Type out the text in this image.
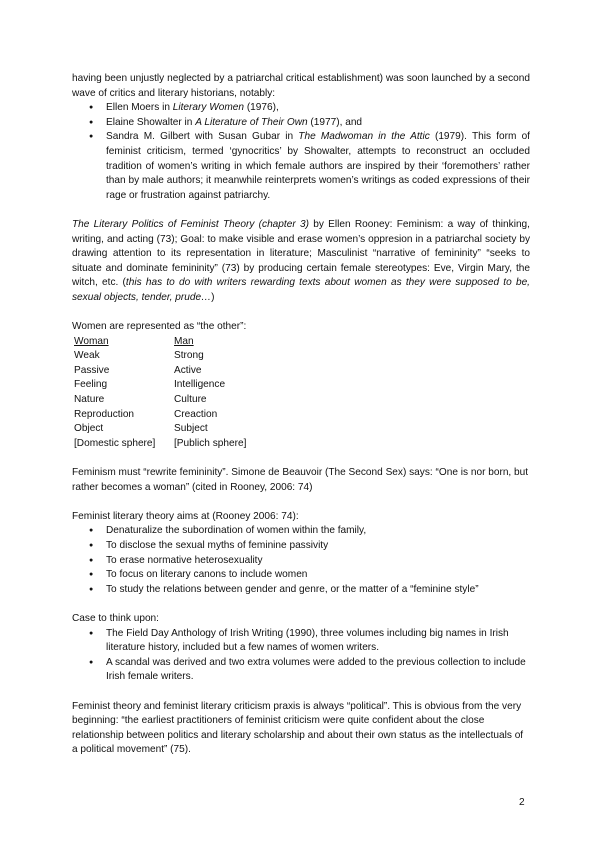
having been unjustly neglected by a patriarchal critical establishment) was soon launched by a second wave of critics and literary historians, notably:

● Ellen Moers in Literary Women (1976),
● Elaine Showalter in A Literature of Their Own (1977), and
● Sandra M. Gilbert with Susan Gubar in The Madwoman in the Attic (1979). This form of feminist criticism, termed ‘gynocritics’ by Showalter, attempts to reconstruct an occluded tradition of women’s writing in which female authors are inspired by their ‘foremothers’ rather than by male authors; it meanwhile reinterprets women’s writings as coded expressions of their rage or frustration against patriarchy.

The Literary Politics of Feminist Theory (chapter 3) by Ellen Rooney: Feminism: a way of thinking, writing, and acting (73); Goal: to make visible and erase women’s oppresion in a patriarchal society by drawing attention to its representation in literature; Masculinist “narrative of femininity” “seeks to situate and dominate femininity” (73) by producing certain female stereotypes: Eve, Virgin Mary, the witch, etc. (this has to do with writers rewarding texts about women as they were supposed to be, sexual objects, tender, prude…)

Women are represented as “the other”:

Woman	Man
Weak	Strong
Passive	Active
Feeling	Intelligence
Nature	Culture
Reproduction	Creaction
Object	Subject
[Domestic sphere]	[Publich sphere]

Feminism must “rewrite femininity”. Simone de Beauvoir (The Second Sex) says: “One is nor born, but rather becomes a woman” (cited in Rooney, 2006: 74)

Feminist literary theory aims at (Rooney 2006: 74):

● Denaturalize the subordination of women within the family,
● To disclose the sexual myths of feminine passivity
● To erase normative heterosexuality
● To focus on literary canons to include women
● To study the relations between gender and genre, or the matter of a “feminine style”

Case to think upon:

● The Field Day Anthology of Irish Writing (1990), three volumes including big names in Irish literature history, included but a few names of women writers.
● A scandal was derived and two extra volumes were added to the previous collection to include Irish female writers.

Feminist theory and feminist literary criticism praxis is always “political”. This is obvious from the very beginning: “the earliest practitioners of feminist criticism were quite confident about the close relationship between politics and literary scholarship and about their own status as the intellectuals of a political movement” (75).

2
